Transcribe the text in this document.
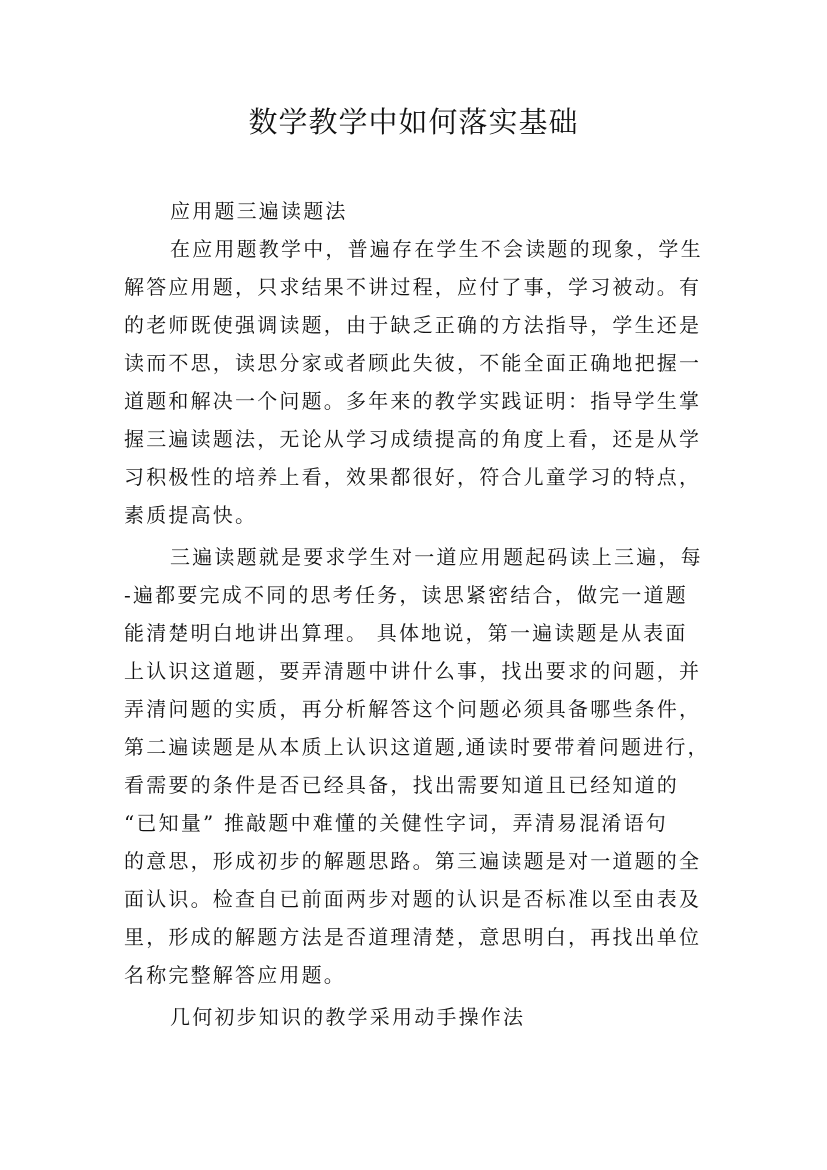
数学教学中如何落实基础

应用题三遍读题法

在应用题教学中，普遍存在学生不会读题的现象，学生

解答应用题，只求结果不讲过程，应付了事，学习被动。有

的老师既使强调读题，由于缺乏正确的方法指导，学生还是

读而不思，读思分家或者顾此失彼，不能全面正确地把握一

道题和解决一个问题。多年来的教学实践证明：指导学生掌

握三遍读题法，无论从学习成绩提高的角度上看，还是从学

习积极性的培养上看，效果都很好，符合儿童学习的特点，

素质提高快。

三遍读题就是要求学生对一道应用题起码读上三遍，每

-遍都要完成不同的思考任务，读思紧密结合，做完一道题

能清楚明白地讲出算理。 具体地说，第一遍读题是从表面

上认识这道题，要弄清题中讲什么事，找出要求的问题，并

弄清问题的实质，再分析解答这个问题必须具备哪些条件，

第二遍读题是从本质上认识这道题,通读时要带着问题进行，

看需要的条件是否已经具备，找出需要知道且已经知道的

“已知量” 推敲题中难懂的关健性字词，弄清易混淆语句

的意思，形成初步的解题思路。第三遍读题是对一道题的全

面认识。检查自已前面两步对题的认识是否标准以至由表及

里，形成的解题方法是否道理清楚，意思明白，再找出单位

名称完整解答应用题。

几何初步知识的教学采用动手操作法
